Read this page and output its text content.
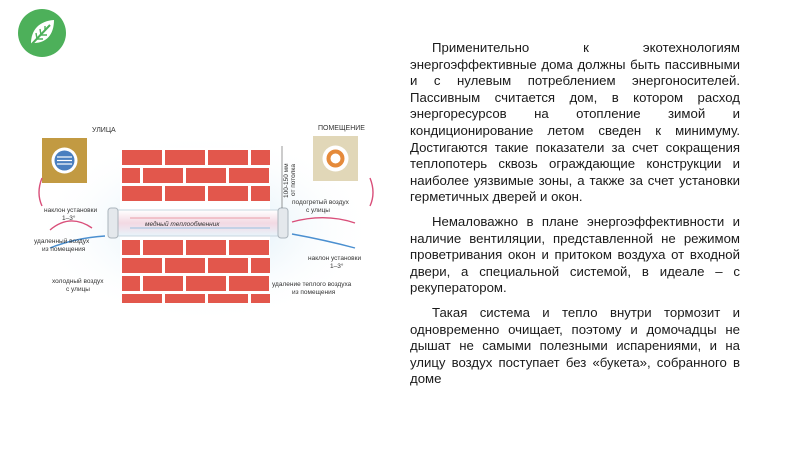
УЛИЦА	ПОМЕЩЕНИЕ
медный теплообменник
100-150 мм от потолка
наклон установки
1–3°
удаленный воздух
из помещения
холодный воздух
с улицы
подогретый воздух
с улицы
наклон установки
1–3°
удаление теплого воздуха
из помещения

Применительно к экотехнологиям энергоэффективные дома должны быть пассивными и с нулевым потреблением энергоносителей. Пассивным считается дом, в котором расход энергоресурсов на отопление зимой и кондиционирование летом сведен к минимуму. Достигаются такие показатели за счет сокращения теплопотерь сквозь ограждающие конструкции и наиболее уязвимые зоны, а также за счет установки герметичных дверей и окон.

Немаловажно в плане энергоэффективности и наличие вентиляции, представленной не режимом проветривания окон и притоком воздуха от входной двери, а специальной системой, в идеале – с рекуператором.

Такая система и тепло внутри тормозит и одновременно очищает, поэтому и домочадцы не дышат не самыми полезными испарениями, и на улицу воздух поступает без «букета», собранного в доме
